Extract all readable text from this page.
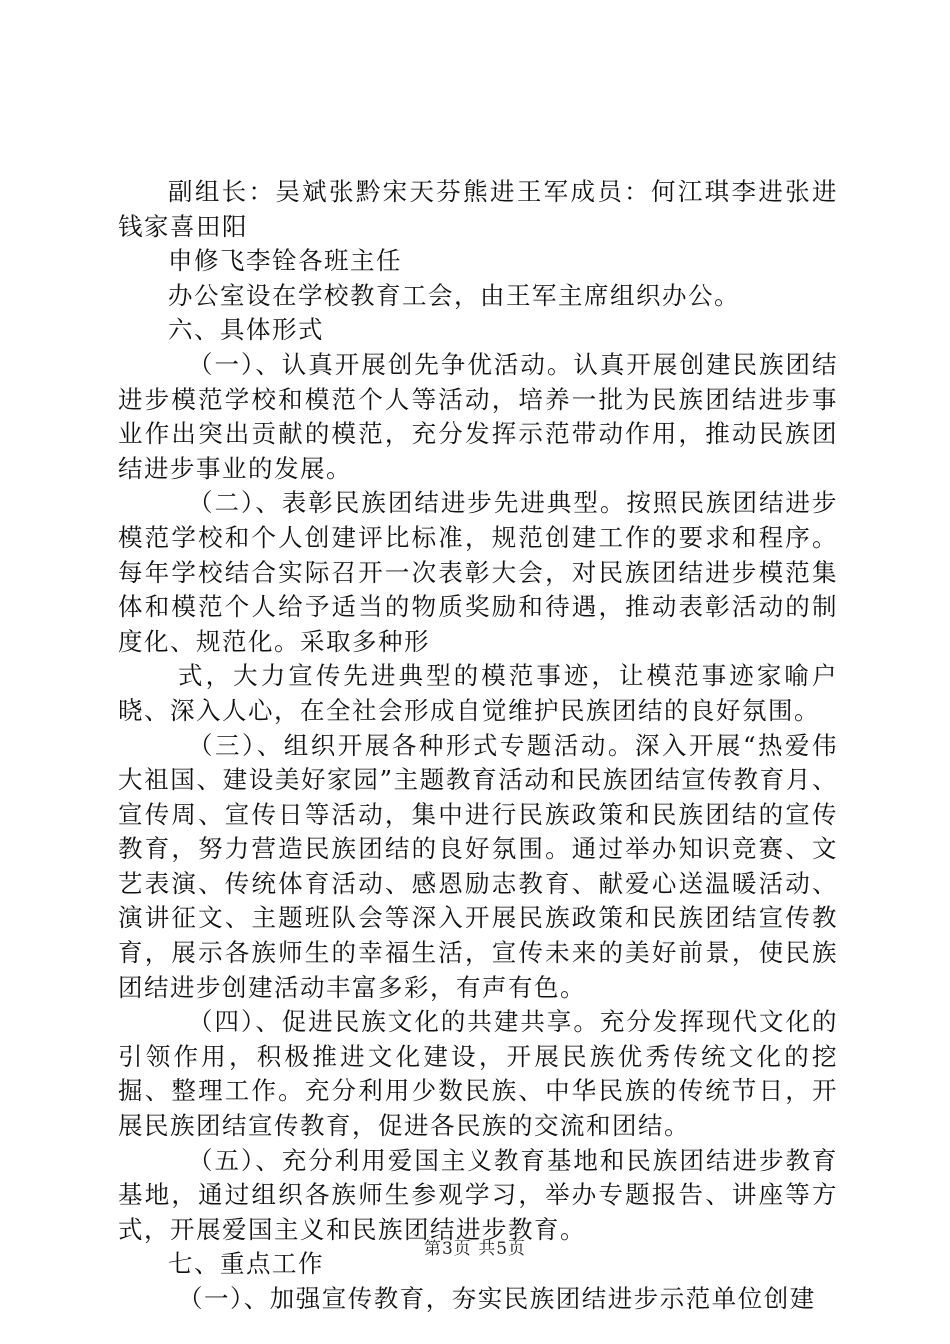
副组长：吴斌张黔宋天芬熊进王军成员：何江琪李进张进钱家喜田阳

申修飞李铨各班主任

办公室设在学校教育工会，由王军主席组织办公。

六、具体形式

（一）、认真开展创先争优活动。认真开展创建民族团结进步模范学校和模范个人等活动，培养一批为民族团结进步事业作出突出贡献的模范，充分发挥示范带动作用，推动民族团结进步事业的发展。

（二）、表彰民族团结进步先进典型。按照民族团结进步模范学校和个人创建评比标准，规范创建工作的要求和程序。每年学校结合实际召开一次表彰大会，对民族团结进步模范集体和模范个人给予适当的物质奖励和待遇，推动表彰活动的制度化、规范化。采取多种形

式，大力宣传先进典型的模范事迹，让模范事迹家喻户晓、深入人心，在全社会形成自觉维护民族团结的良好氛围。

（三）、组织开展各种形式专题活动。深入开展“热爱伟大祖国、建设美好家园”主题教育活动和民族团结宣传教育月、宣传周、宣传日等活动，集中进行民族政策和民族团结的宣传教育，努力营造民族团结的良好氛围。通过举办知识竞赛、文艺表演、传统体育活动、感恩励志教育、献爱心送温暖活动、演讲征文、主题班队会等深入开展民族政策和民族团结宣传教育，展示各族师生的幸福生活，宣传未来的美好前景，使民族团结进步创建活动丰富多彩，有声有色。

（四）、促进民族文化的共建共享。充分发挥现代文化的引领作用，积极推进文化建设，开展民族优秀传统文化的挖掘、整理工作。充分利用少数民族、中华民族的传统节日，开展民族团结宣传教育，促进各民族的交流和团结。

（五）、充分利用爱国主义教育基地和民族团结进步教育基地，通过组织各族师生参观学习，举办专题报告、讲座等方式，开展爱国主义和民族团结进步教育。

七、重点工作

（一）、加强宣传教育，夯实民族团结进步示范单位创建

第3页 共5页
